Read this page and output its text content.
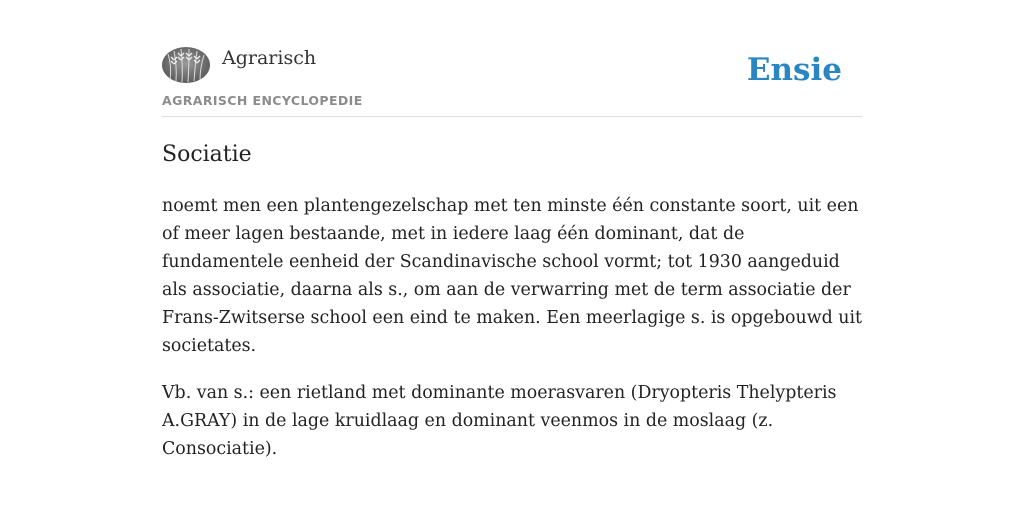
Agrarisch
AGRARISCH ENCYCLOPEDIE
Ensie
Sociatie

noemt men een plantengezelschap met ten minste één constante soort, uit een of meer lagen bestaande, met in iedere laag één dominant, dat de fundamentele eenheid der Scandinavische school vormt; tot 1930 aangeduid als associatie, daarna als s., om aan de verwarring met de term associatie der Frans-Zwitserse school een eind te maken. Een meerlagige s. is opgebouwd uit societates.

Vb. van s.: een rietland met dominante moerasvaren (Dryopteris Thelypteris A.GRAY) in de lage kruidlaag en dominant veenmos in de moslaag (z. Consociatie).
